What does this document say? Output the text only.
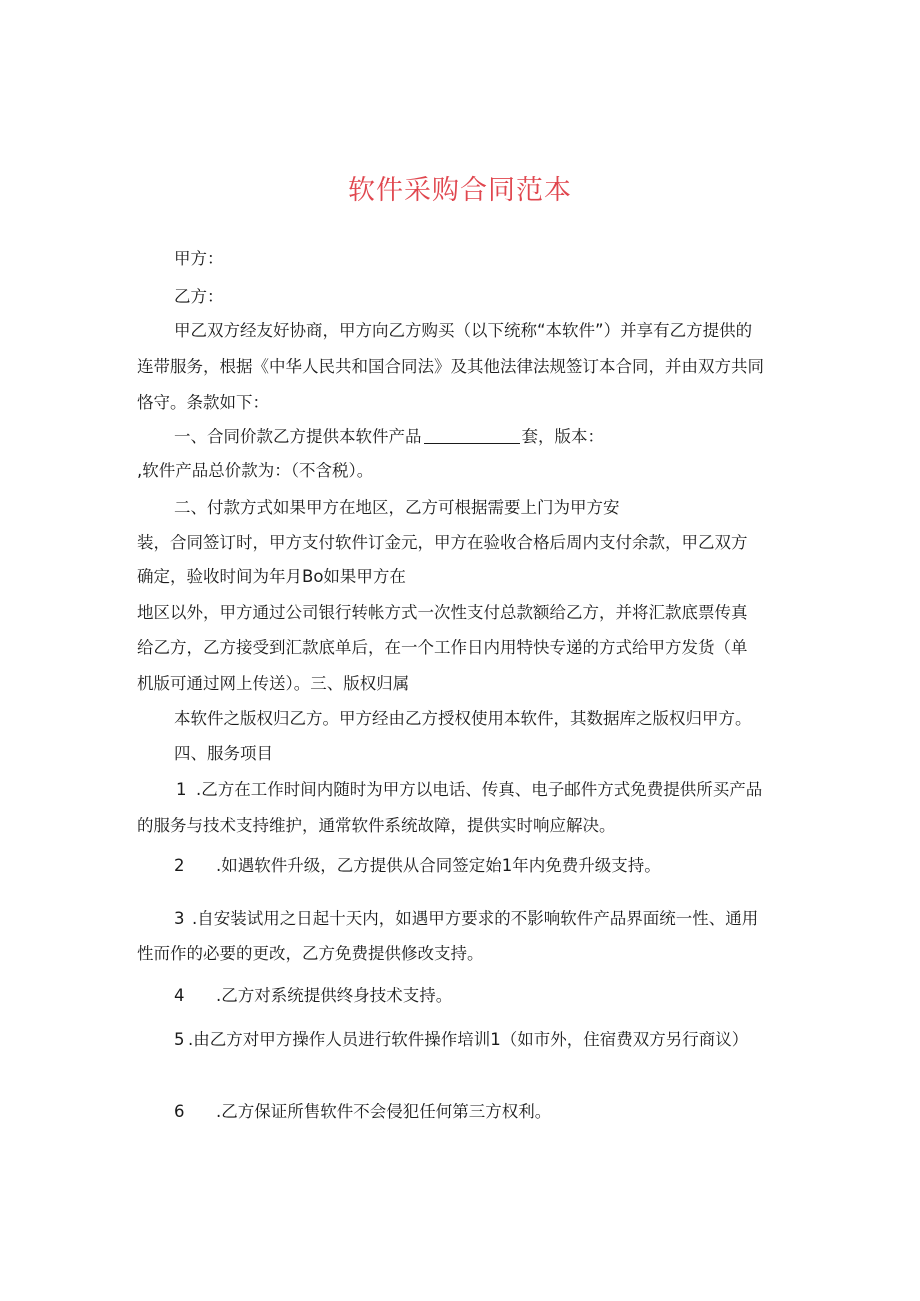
软件采购合同范本
甲方：
乙方：
甲乙双方经友好协商，甲方向乙方购买（以下统称“本软件”）并享有乙方提供的
连带服务，根据《中华人民共和国合同法》及其他法律法规签订本合同，并由双方共同
恪守。条款如下：
一、合同价款乙方提供本软件产品	套，版本：
,软件产品总价款为：（不含税）。
二、付款方式如果甲方在地区，乙方可根据需要上门为甲方安
装，合同签订时，甲方支付软件订金元，甲方在验收合格后周内支付余款，甲乙双方
确定，验收时间为年月Bo如果甲方在
地区以外，甲方通过公司银行转帐方式一次性支付总款额给乙方，并将汇款底票传真
给乙方，乙方接受到汇款底单后，在一个工作日内用特快专递的方式给甲方发货（单
机版可通过网上传送）。三、版权归属
本软件之版权归乙方。甲方经由乙方授权使用本软件，其数据库之版权归甲方。
四、服务项目
1 .乙方在工作时间内随时为甲方以电话、传真、电子邮件方式免费提供所买产品
的服务与技术支持维护，通常软件系统故障，提供实时响应解决。
2 .如遇软件升级，乙方提供从合同签定始1年内免费升级支持。
3 .自安装试用之日起十天内，如遇甲方要求的不影响软件产品界面统一性、通用
性而作的必要的更改，乙方免费提供修改支持。
4 .乙方对系统提供终身技术支持。
5 .由乙方对甲方操作人员进行软件操作培训1（如市外，住宿费双方另行商议）
6 .乙方保证所售软件不会侵犯任何第三方权利。
